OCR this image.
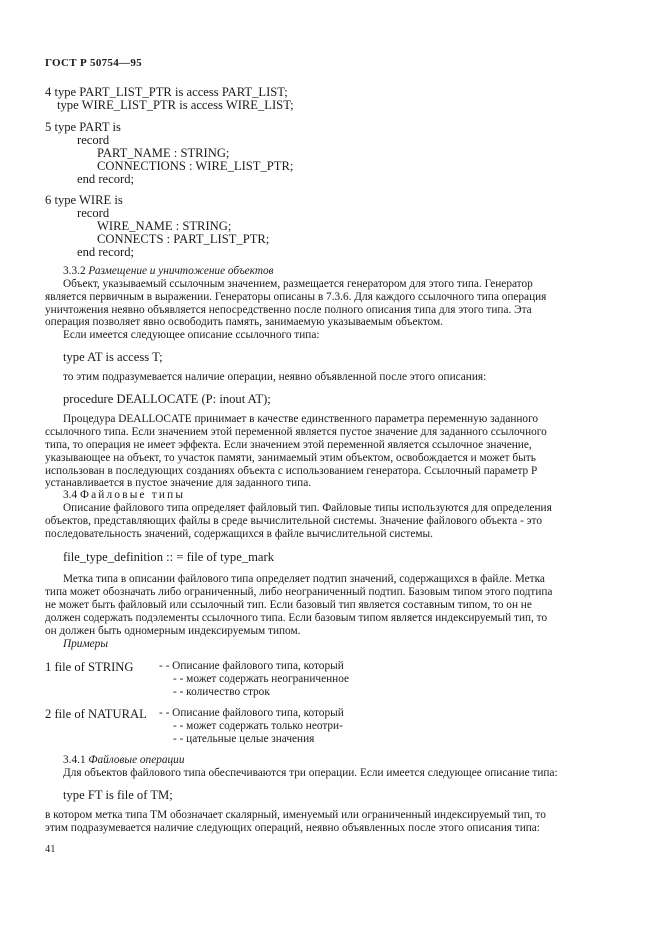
ГОСТ Р 50754—95
4 type PART_LIST_PTR is access PART_LIST;
type WIRE_LIST_PTR is access WIRE_LIST;
5 type PART is
record
PART_NAME : STRING;
CONNECTIONS : WIRE_LIST_PTR;
end record;
6 type WIRE is
record
WIRE_NAME : STRING;
CONNECTS : PART_LIST_PTR;
end record;
3.3.2 Размещение и уничтожение объектов
Объект, указываемый ссылочным значением, размещается генератором для этого типа. Генератор
является первичным в выражении. Генераторы описаны в 7.3.6. Для каждого ссылочного типа операция
уничтожения неявно объявляется непосредственно после полного описания типа для этого типа. Эта
операция позволяет явно освободить память, занимаемую указываемым объектом.
Если имеется следующее описание ссылочного типа:
type AT is access T;
то этим подразумевается наличие операции, неявно объявленной после этого описания:
procedure DEALLOCATE (P: inout AT);
Процедура DEALLOCATE принимает в качестве единственного параметра переменную заданного
ссылочного типа. Если значением этой переменной является пустое значение для заданного ссылочного
типа, то операция не имеет эффекта. Если значением этой переменной является ссылочное значение,
указывающее на объект, то участок памяти, занимаемый этим объектом, освобождается и может быть
использован в последующих созданиях объекта с использованием генератора. Ссылочный параметр P
устанавливается в пустое значение для заданного типа.
3.4 Файловые типы
Описание файлового типа определяет файловый тип. Файловые типы используются для определения
объектов, представляющих файлы в среде вычислительной системы. Значение файлового объекта - это
последовательность значений, содержащихся в файле вычислительной системы.
file_type_definition :: = file of type_mark
Метка типа в описании файлового типа определяет подтип значений, содержащихся в файле. Метка
типа может обозначать либо ограниченный, либо неограниченный подтип. Базовым типом этого подтипа
не может быть файловый или ссылочный тип. Если базовый тип является составным типом, то он не
должен содержать подэлементы ссылочного типа. Если базовым типом является индексируемый тип, то
он должен быть одномерным индексируемым типом.
Примеры
1 file of STRING - - Описание файлового типа, который
- - может содержать неограниченное
- - количество строк
2 file of NATURAL - - Описание файлового типа, который
- - может содержать только неотри-
- - цательные целые значения
3.4.1 Файловые операции
Для объектов файлового типа обеспечиваются три операции. Если имеется следующее описание типа:
type FT is file of TM;
в котором метка типа TM обозначает скалярный, именуемый или ограниченный индексируемый тип, то
этим подразумевается наличие следующих операций, неявно объявленных после этого описания типа:
41
